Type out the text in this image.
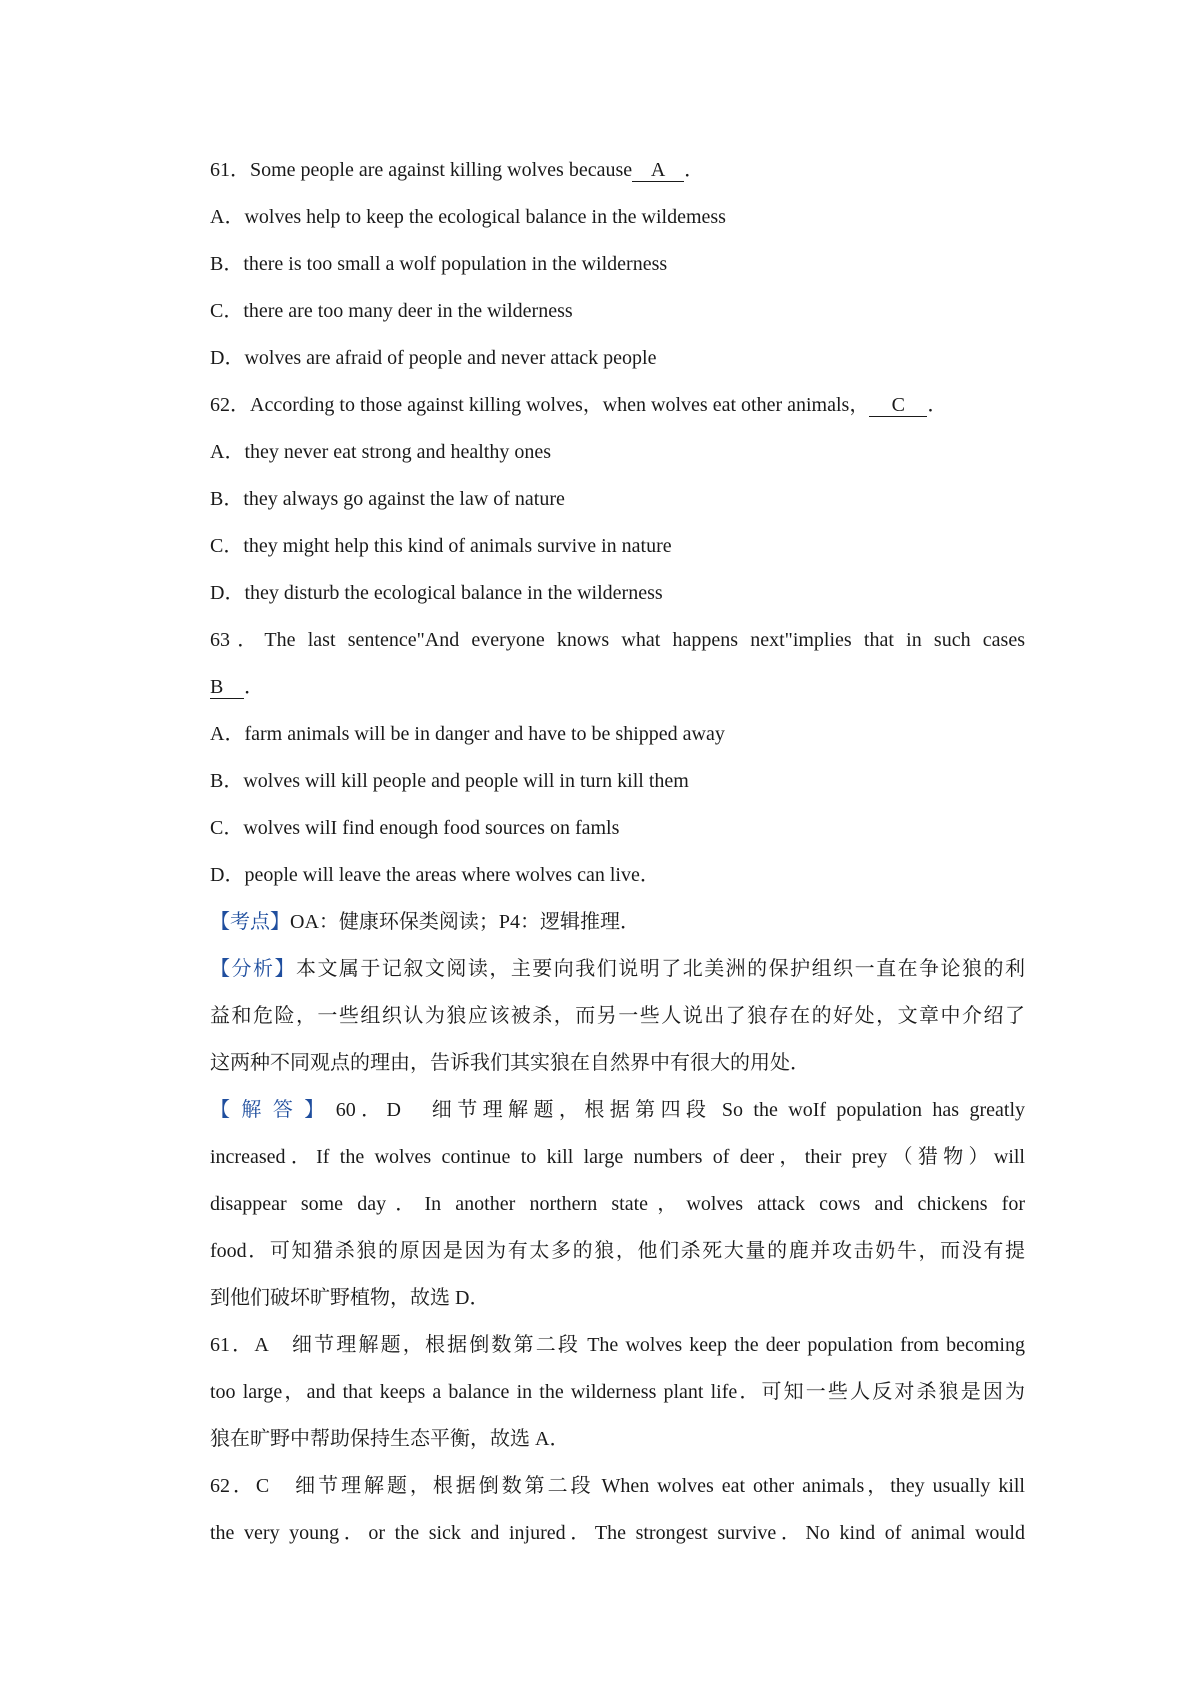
61．Some people are against killing wolves because A ．
A．wolves help to keep the ecological balance in the wildemess
B．there is too small a wolf population in the wilderness
C．there are too many deer in the wilderness
D．wolves are afraid of people and never attack people
62．According to those against killing wolves，when wolves eat other animals， C ．
A．they never eat strong and healthy ones
B．they always go against the law of nature
C．they might help this kind of animals survive in nature
D．they disturb the ecological balance in the wilderness
63．The last sentence"And everyone knows what happens next"implies that in such cases
B ．
A．farm animals will be in danger and have to be shipped away
B．wolves will kill people and people will in turn kill them
C．wolves wilI find enough food sources on famls
D．people will leave the areas where wolves can live．
【考点】OA：健康环保类阅读；P4：逻辑推理．
【分析】本文属于记叙文阅读，主要向我们说明了北美洲的保护组织一直在争论狼的利
益和危险，一些组织认为狼应该被杀，而另一些人说出了狼存在的好处，文章中介绍了
这两种不同观点的理由，告诉我们其实狼在自然界中有很大的用处．
【解答】60．D　细节理解题，根据第四段 So the woIf population has greatly
increased．If the wolves continue to kill large numbers of deer，their prey（猎物）will
disappear some day．In another northern state，wolves attack cows and chickens for
food．可知猎杀狼的原因是因为有太多的狼，他们杀死大量的鹿并攻击奶牛，而没有提
到他们破坏旷野植物，故选 D．
61．A　细节理解题，根据倒数第二段 The wolves keep the deer population from becoming
too large，and that keeps a balance in the wilderness plant life．可知一些人反对杀狼是因为
狼在旷野中帮助保持生态平衡，故选 A．
62．C　细节理解题，根据倒数第二段 When wolves eat other animals，they usually kill
the very young．or the sick and injured．The strongest survive．No kind of animal would
